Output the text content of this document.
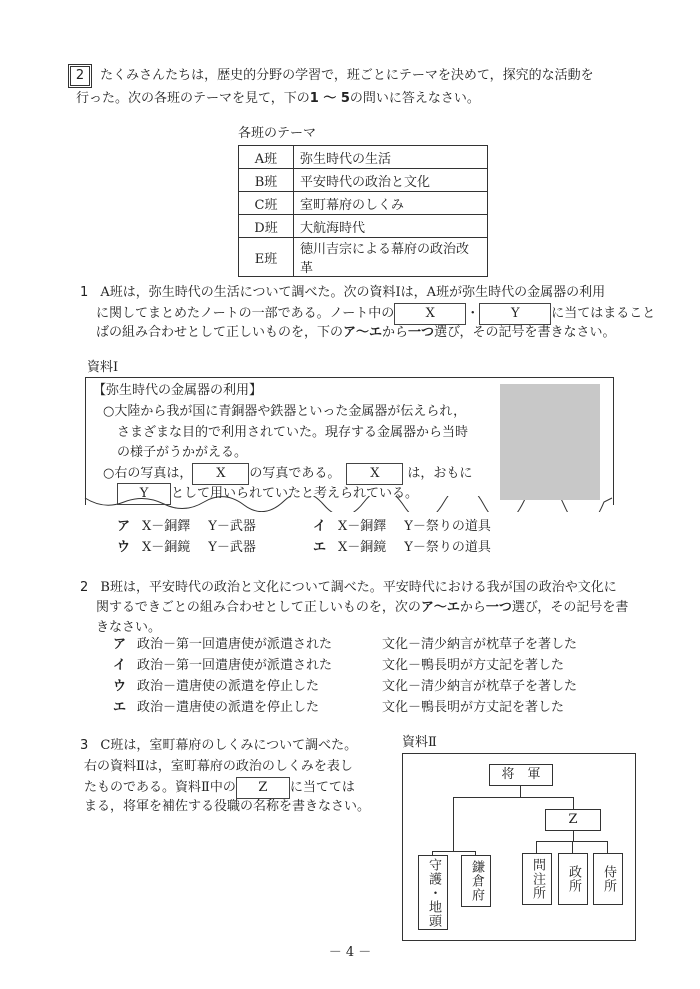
2 たくみさんたちは，歴史的分野の学習で，班ごとにテーマを決めて，探究的な活動を
行った。次の各班のテーマを見て，下の1 〜 5の問いに答えなさい。
各班のテーマ
A班	弥生時代の生活
B班	平安時代の政治と文化
C班	室町幕府のしくみ
D班	大航海時代
E班	徳川吉宗による幕府の政治改革
1 A班は，弥生時代の生活について調べた。次の資料Ⅰは，A班が弥生時代の金属器の利用
に関してまとめたノートの一部である。ノート中の X ・ Y に当てはまること
ばの組み合わせとして正しいものを，下のア〜エから一つ選び，その記号を書きなさい。
資料Ⅰ
【弥生時代の金属器の利用】
○大陸から我が国に青銅器や鉄器といった金属器が伝えられ，
さまざまな目的で利用されていた。現存する金属器から当時
の様子がうかがえる。
○右の写真は， X の写真である。 X は，おもに
Y として用いられていたと考えられている。
ア X－銅鐸 Y－武器	イ X－銅鐸 Y－祭りの道具
ウ X－銅鏡 Y－武器	エ X－銅鏡 Y－祭りの道具
2 B班は，平安時代の政治と文化について調べた。平安時代における我が国の政治や文化に
関するできごとの組み合わせとして正しいものを，次のア〜エから一つ選び，その記号を書
きなさい。
ア 政治－第一回遣唐使が派遣された	文化－清少納言が枕草子を著した
イ 政治－第一回遣唐使が派遣された	文化－鴨長明が方丈記を著した
ウ 政治－遣唐使の派遣を停止した	文化－清少納言が枕草子を著した
エ 政治－遣唐使の派遣を停止した	文化－鴨長明が方丈記を著した
3 C班は，室町幕府のしくみについて調べた。
右の資料Ⅱは，室町幕府の政治のしくみを表し
たものである。資料Ⅱ中の Z に当てては
まる，将軍を補佐する役職の名称を書きなさい。
資料Ⅱ
将　軍
Z
守護・地頭	鎌倉府	問注所	政所	侍所
－ 4 －
